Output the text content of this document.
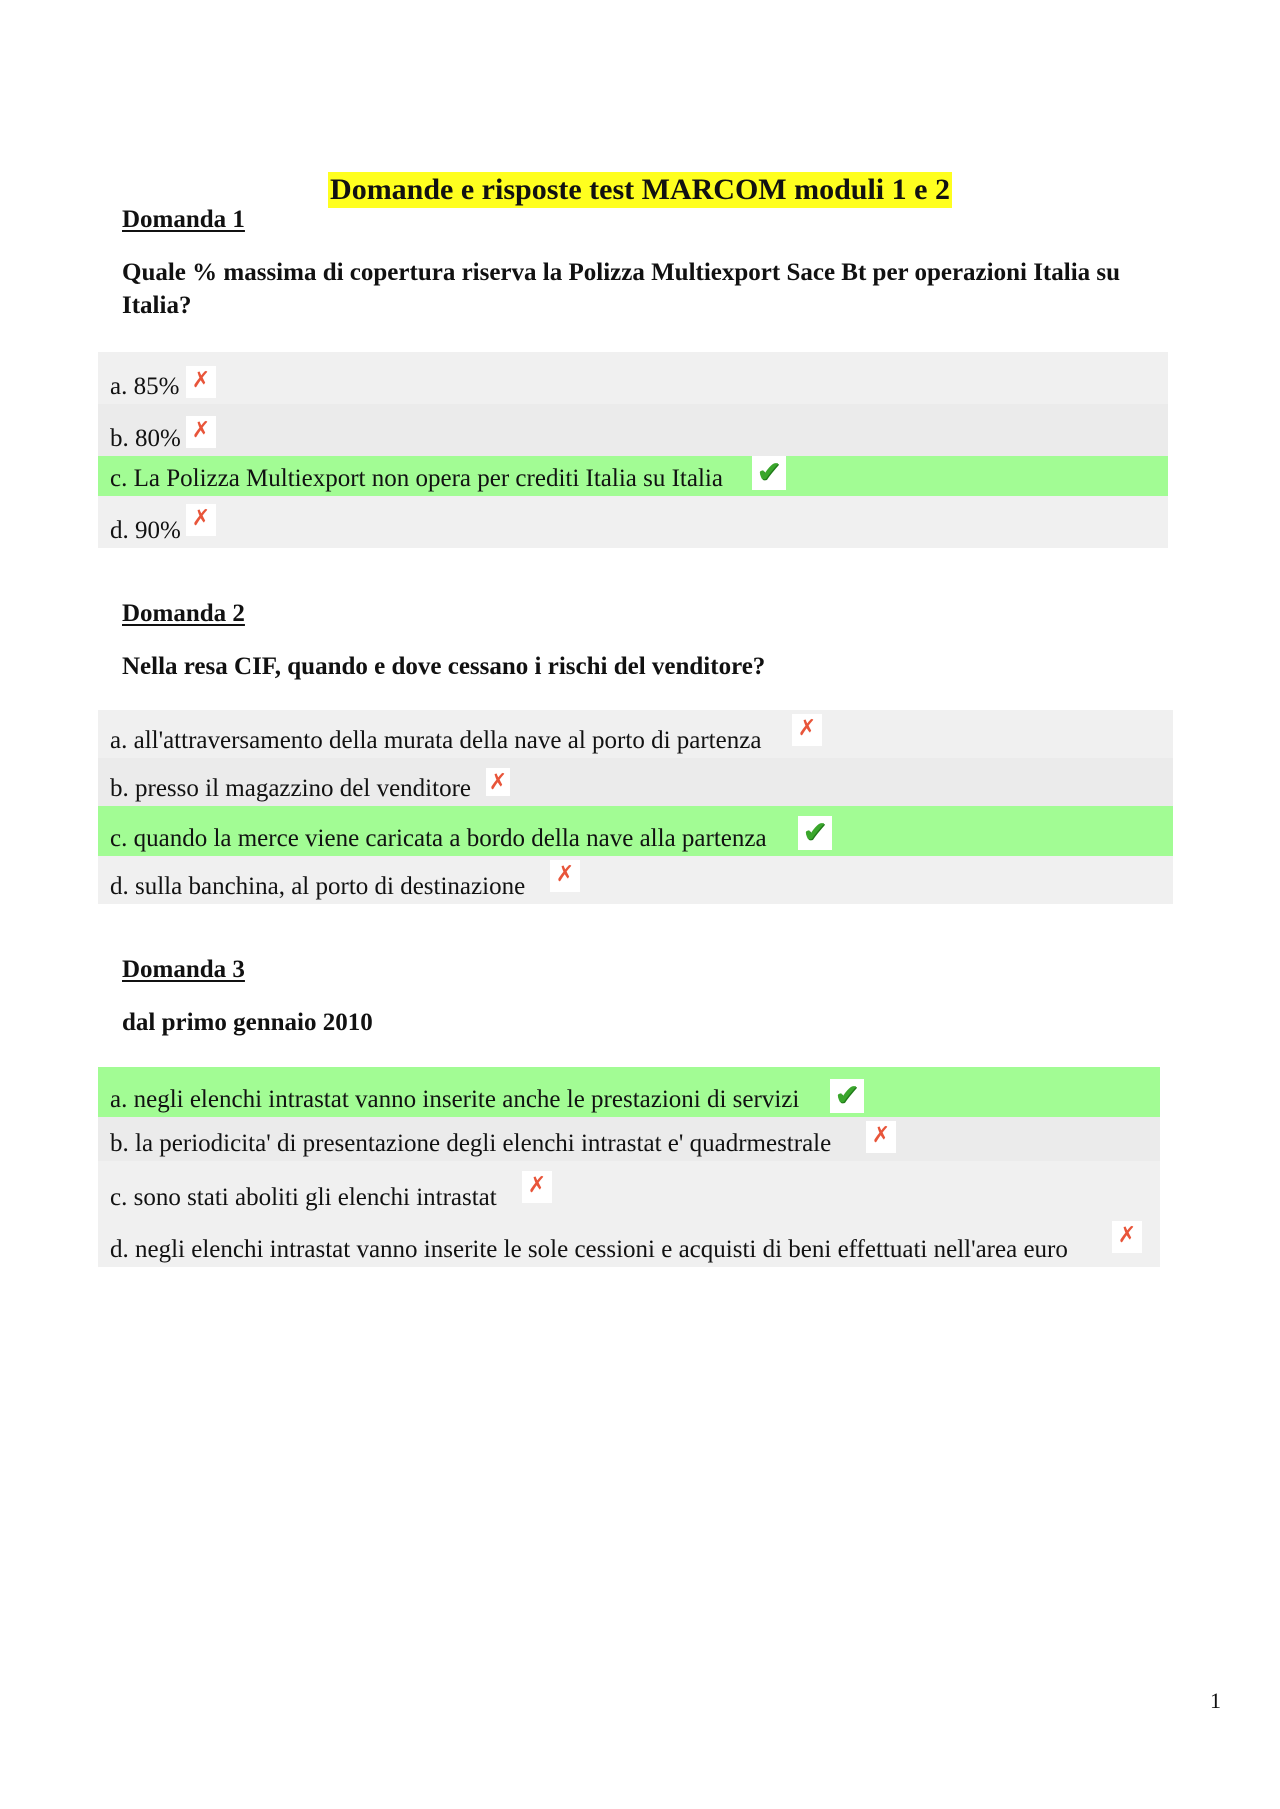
Domande e risposte test MARCOM moduli 1 e 2
Domanda 1
Quale % massima di copertura riserva la Polizza Multiexport Sace Bt per operazioni Italia su Italia?
a. 85% ✗
b. 80% ✗
c. La Polizza Multiexport non opera per crediti Italia su Italia ✔
d. 90% ✗
Domanda 2
Nella resa CIF, quando e dove cessano i rischi del venditore?
a. all'attraversamento della murata della nave al porto di partenza ✗
b. presso il magazzino del venditore ✗
c. quando la merce viene caricata a bordo della nave alla partenza ✔
d. sulla banchina, al porto di destinazione ✗
Domanda 3
dal primo gennaio 2010
a. negli elenchi intrastat vanno inserite anche le prestazioni di servizi ✔
b. la periodicita' di presentazione degli elenchi intrastat e' quadrmestrale ✗
c. sono stati aboliti gli elenchi intrastat ✗
d. negli elenchi intrastat vanno inserite le sole cessioni e acquisti di beni effettuati nell'area euro
✗
1
